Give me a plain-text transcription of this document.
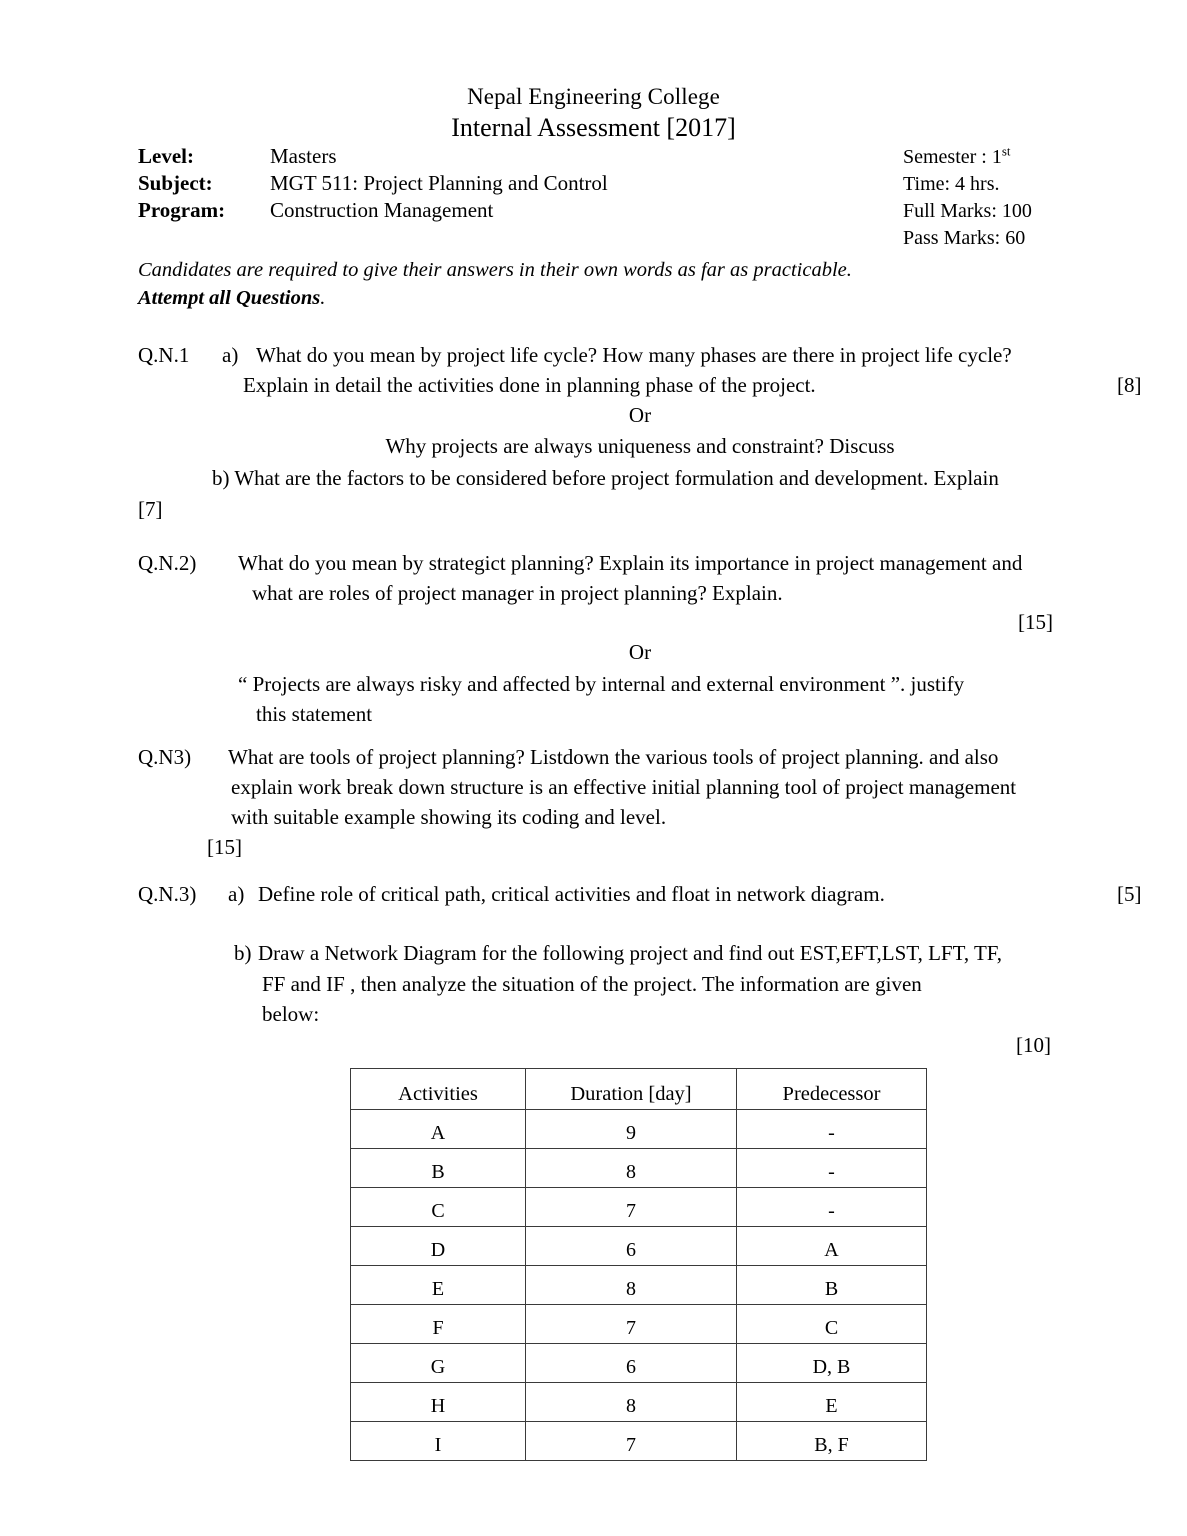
Nepal Engineering College
Internal Assessment [2017]
Level:	Masters
Subject:	MGT 511: Project Planning and Control
Program:	Construction Management
Semester : 1st
Time: 4 hrs.
Full Marks: 100
Pass Marks: 60
Candidates are required to give their answers in their own words as far as practicable.
Attempt all Questions.
Q.N.1 a) What do you mean by project life cycle? How many phases are there in project life cycle?
Explain in detail the activities done in planning phase of the project.	[8]
Or
Why projects are always uniqueness and constraint? Discuss
b) What are the factors to be considered before project formulation and development. Explain
[7]
Q.N.2) What do you mean by strategict planning? Explain its importance in project management and
what are roles of project manager in project planning? Explain.
[15]
Or
“ Projects are always risky and affected by internal and external environment ”. justify
this statement
Q.N3) What are tools of project planning? Listdown the various tools of project planning. and also
explain work break down structure is an effective initial planning tool of project management
with suitable example showing its coding and level.
[15]
Q.N.3) a) Define role of critical path, critical activities and float in network diagram.	[5]
b) Draw a Network Diagram for the following project and find out EST,EFT,LST, LFT, TF,
FF and IF , then analyze the situation of the project. The information are given
below:
[10]
Activities	Duration [day]	Predecessor
A	9	-
B	8	-
C	7	-
D	6	A
E	8	B
F	7	C
G	6	D, B
H	8	E
I	7	B, F
